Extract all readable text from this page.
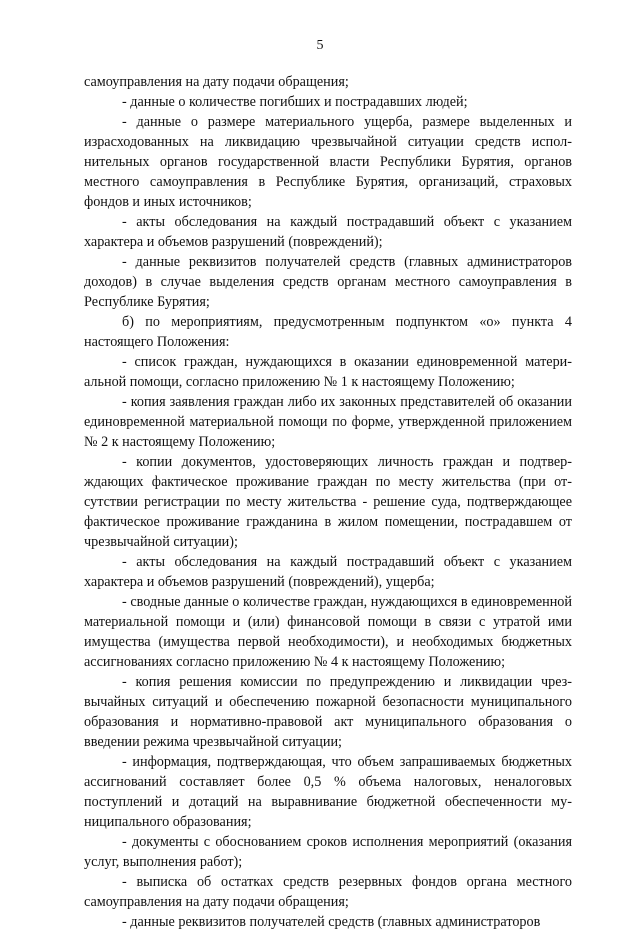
5

самоуправления на дату подачи обращения;

- данные о количестве погибших и пострадавших людей;

- данные о размере материального ущерба, размере выделенных и израсходованных на ликвидацию чрезвычайной ситуации средств исполнительных органов государственной власти Республики Бурятия, органов местного самоуправления в Республике Бурятия, организаций, страховых фондов и иных источников;

- акты обследования на каждый пострадавший объект с указанием характера и объемов разрушений (повреждений);

- данные реквизитов получателей средств (главных администраторов доходов) в случае выделения средств органам местного самоуправления в Республике Бурятия;

б) по мероприятиям, предусмотренным подпунктом «о» пункта 4 настоящего Положения:

- список граждан, нуждающихся в оказании единовременной материальной помощи, согласно приложению № 1 к настоящему Положению;

- копия заявления граждан либо их законных представителей об оказании единовременной материальной помощи по форме, утвержденной приложением № 2 к настоящему Положению;

- копии документов, удостоверяющих личность граждан и подтверждающих фактическое проживание граждан по месту жительства (при отсутствии регистрации по месту жительства - решение суда, подтверждающее фактическое проживание гражданина в жилом помещении, пострадавшем от чрезвычайной ситуации);

- акты обследования на каждый пострадавший объект с указанием характера и объемов разрушений (повреждений), ущерба;

- сводные данные о количестве граждан, нуждающихся в единовременной материальной помощи и (или) финансовой помощи в связи с утратой ими имущества (имущества первой необходимости), и необходимых бюджетных ассигнованиях согласно приложению № 4 к настоящему Положению;

- копия решения комиссии по предупреждению и ликвидации чрезвычайных ситуаций и обеспечению пожарной безопасности муниципального образования и нормативно-правовой акт муниципального образования о введении режима чрезвычайной ситуации;

- информация, подтверждающая, что объем запрашиваемых бюджетных ассигнований составляет более 0,5 % объема налоговых, неналоговых поступлений и дотаций на выравнивание бюджетной обеспеченности муниципального образования;

- документы с обоснованием сроков исполнения мероприятий (оказания услуг, выполнения работ);

- выписка об остатках средств резервных фондов органа местного самоуправления на дату подачи обращения;

- данные реквизитов получателей средств (главных администраторов
